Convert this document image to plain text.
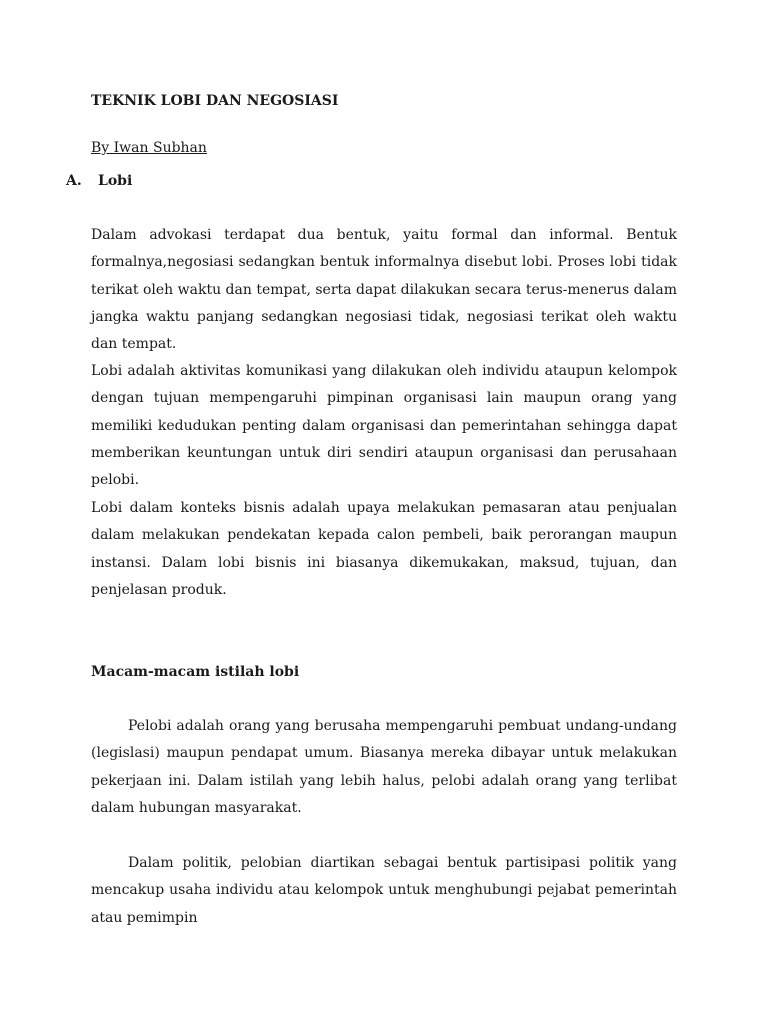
TEKNIK LOBI DAN NEGOSIASI
By Iwan Subhan
A.	Lobi

Dalam advokasi terdapat dua bentuk, yaitu formal dan informal. Bentuk formalnya,negosiasi sedangkan bentuk informalnya disebut lobi. Proses lobi tidak terikat oleh waktu dan tempat, serta dapat dilakukan secara terus-menerus dalam jangka waktu panjang sedangkan negosiasi tidak, negosiasi terikat oleh waktu dan tempat.

Lobi adalah aktivitas komunikasi yang dilakukan oleh individu ataupun kelompok dengan tujuan mempengaruhi pimpinan organisasi lain maupun orang yang memiliki kedudukan penting dalam organisasi dan pemerintahan sehingga dapat memberikan keuntungan untuk diri sendiri ataupun organisasi dan perusahaan pelobi.

Lobi dalam konteks bisnis adalah upaya melakukan pemasaran atau penjualan dalam melakukan pendekatan kepada calon pembeli, baik perorangan maupun instansi. Dalam lobi bisnis ini biasanya dikemukakan, maksud, tujuan, dan penjelasan produk.

Macam-macam istilah lobi

Pelobi adalah orang yang berusaha mempengaruhi pembuat undang-undang (legislasi) maupun pendapat umum. Biasanya mereka dibayar untuk melakukan pekerjaan ini. Dalam istilah yang lebih halus, pelobi adalah orang yang terlibat dalam hubungan masyarakat.

Dalam politik, pelobian diartikan sebagai bentuk partisipasi politik yang mencakup usaha individu atau kelompok untuk menghubungi pejabat pemerintah atau pemimpin
